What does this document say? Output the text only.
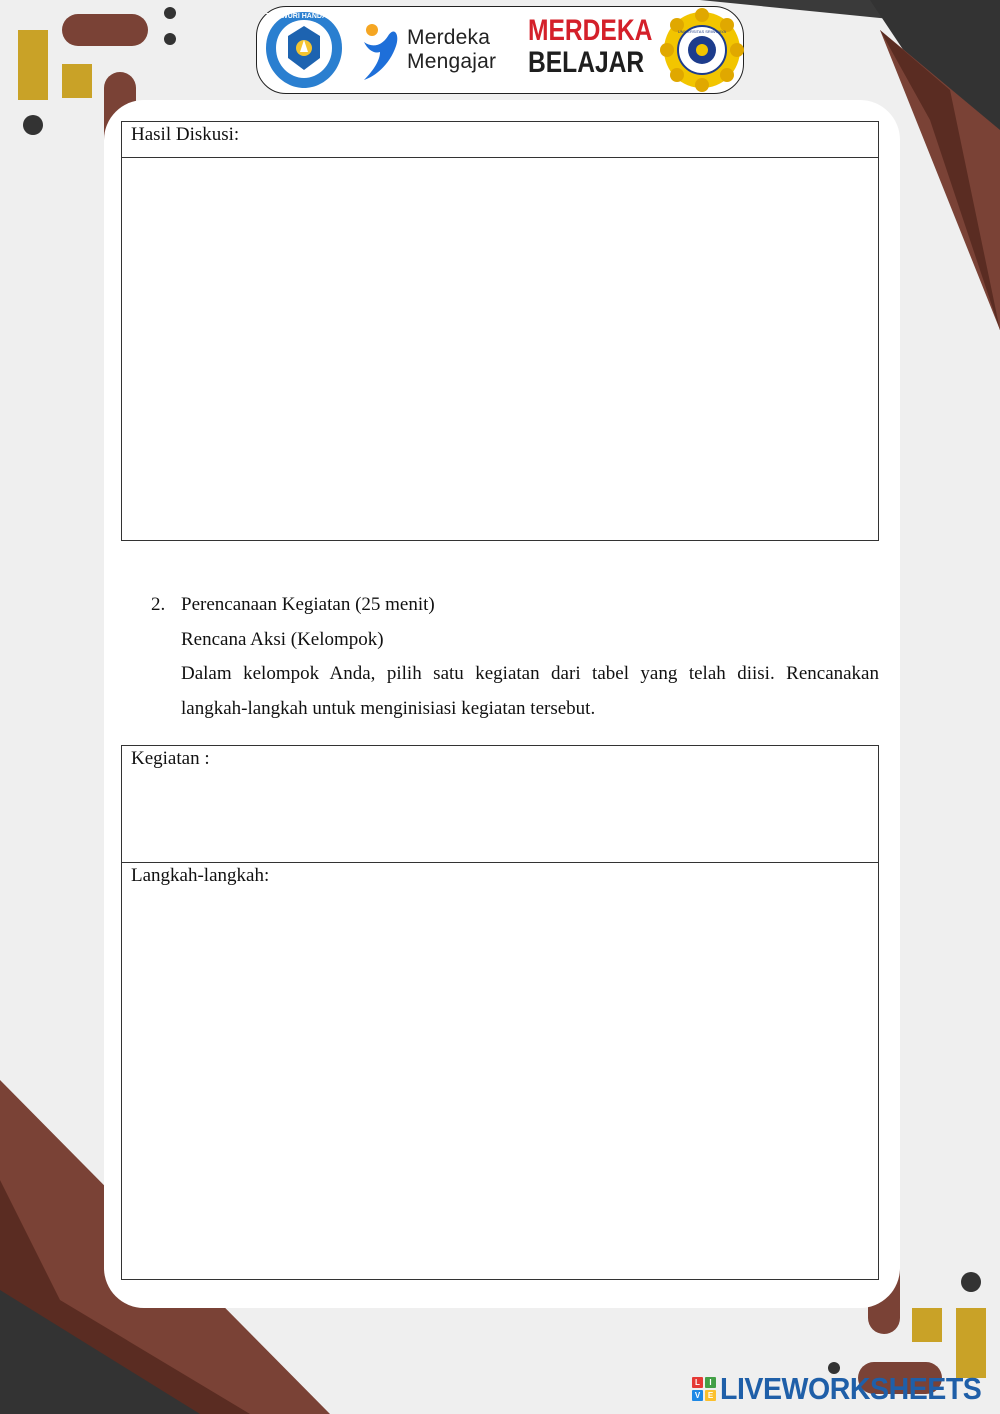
TUT WURI HANDAYANI
Merdeka
Mengajar
MERDEKA
BELAJAR
UNIVERSITAS SRIWIJAYA
Hasil Diskusi:
2. Perencanaan Kegiatan (25 menit)
Rencana Aksi (Kelompok)
Dalam kelompok Anda, pilih satu kegiatan dari tabel yang telah diisi. Rencanakan
langkah-langkah untuk menginisiasi kegiatan tersebut.
Kegiatan :
Langkah-langkah:
L	I
V E LIVEWORKSHEETS
